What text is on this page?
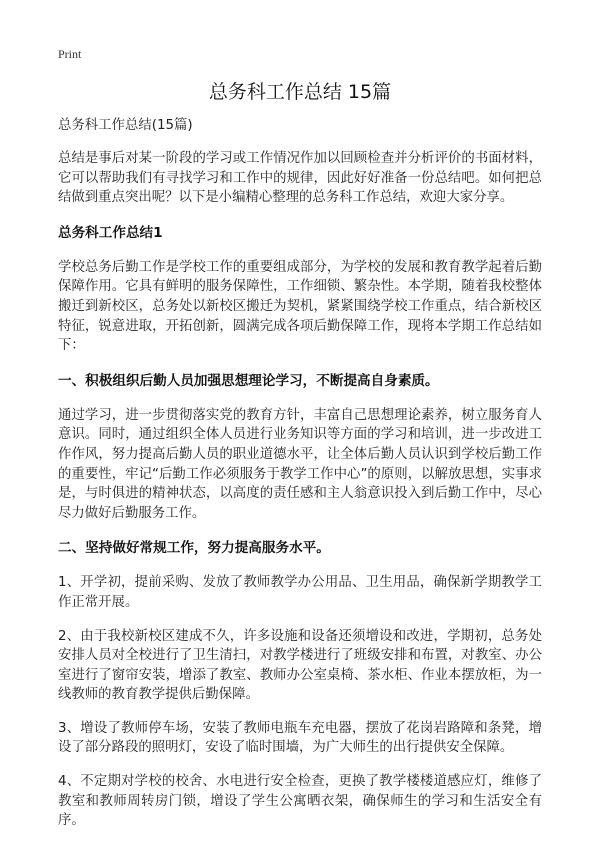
Print
总务科工作总结 15篇

总务科工作总结(15篇)

总结是事后对某一阶段的学习或工作情况作加以回顾检查并分析评价的书面材料，它可以帮助我们有寻找学习和工作中的规律，因此好好准备一份总结吧。如何把总结做到重点突出呢？以下是小编精心整理的总务科工作总结，欢迎大家分享。

总务科工作总结1

学校总务后勤工作是学校工作的重要组成部分，为学校的发展和教育教学起着后勤保障作用。它具有鲜明的服务保障性，工作细锁、繁杂性。本学期，随着我校整体搬迁到新校区，总务处以新校区搬迁为契机，紧紧围绕学校工作重点，结合新校区特征，锐意进取，开拓创新，圆满完成各项后勤保障工作，现将本学期工作总结如下：

一、积极组织后勤人员加强思想理论学习，不断提高自身素质。

通过学习，进一步贯彻落实党的教育方针，丰富自己思想理论素养，树立服务育人意识。同时，通过组织全体人员进行业务知识等方面的学习和培训，进一步改进工作作风，努力提高后勤人员的职业道德水平，让全体后勤人员认识到学校后勤工作的重要性，牢记“后勤工作必须服务于教学工作中心”的原则，以解放思想，实事求是，与时俱进的精神状态，以高度的责任感和主人翁意识投入到后勤工作中，尽心尽力做好后勤服务工作。

二、坚持做好常规工作，努力提高服务水平。

1、开学初，提前采购、发放了教师教学办公用品、卫生用品，确保新学期教学工作正常开展。

2、由于我校新校区建成不久，许多设施和设备还须增设和改进，学期初，总务处安排人员对全校进行了卫生清扫，对教学楼进行了班级安排和布置，对教室、办公室进行了窗帘安装，增添了教室、教师办公室桌椅、茶水柜、作业本摆放柜，为一线教师的教育教学提供后勤保障。

3、增设了教师停车场，安装了教师电瓶车充电器，摆放了花岗岩路障和条凳，增设了部分路段的照明灯，安设了临时围墙，为广大师生的出行提供安全保障。

4、不定期对学校的校舍、水电进行安全检查，更换了教学楼楼道感应灯，维修了教室和教师周转房门锁，增设了学生公寓晒衣架，确保师生的学习和生活安全有序。
